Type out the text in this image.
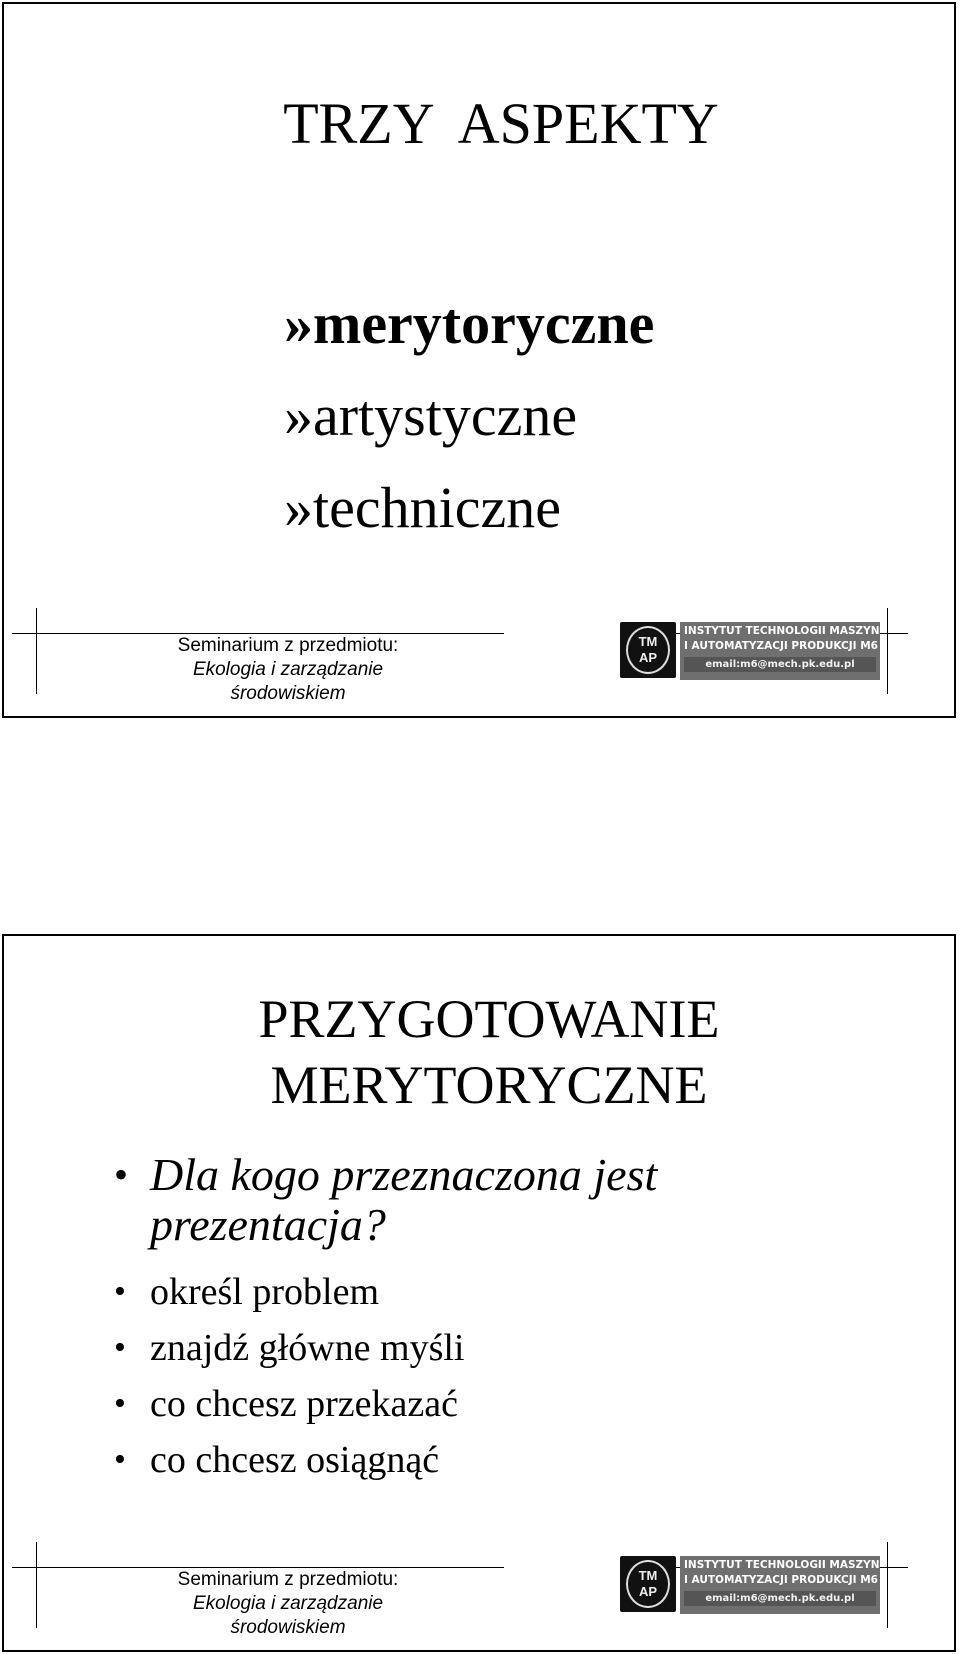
TRZY ASPEKTY
»merytoryczne
»artystyczne
»techniczne
Seminarium z przedmiotu:
Ekologia i zarządzanie środowiskiem
TM
AP
INSTYTUT TECHNOLOGII MASZYN
I AUTOMATYZACJI PRODUKCJI M6
email:m6@mech.pk.edu.pl
PRZYGOTOWANIE
MERYTORYCZNE
• Dla kogo przeznaczona jest prezentacja?
• określ problem
• znajdź główne myśli
• co chcesz przekazać
• co chcesz osiągnąć
Seminarium z przedmiotu:
Ekologia i zarządzanie środowiskiem
TM
AP
INSTYTUT TECHNOLOGII MASZYN
I AUTOMATYZACJI PRODUKCJI M6
email:m6@mech.pk.edu.pl
